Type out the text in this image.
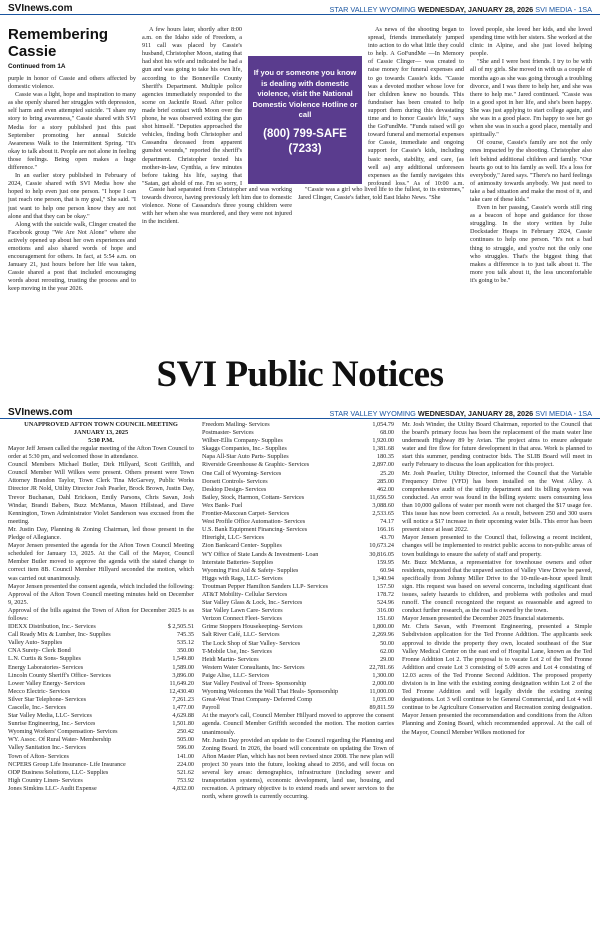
SVInews.com	STAR VALLEY WYOMING WEDNESDAY, JANUARY 28, 2026 SVI MEDIA - 1SA
Remembering Cassie
Continued from 1A

purple in honor of Cassie and others affected by domestic violence.

Cassie was a light, hope and inspiration to many as she openly shared her struggles with depression, self harm and even attempted suicide. "I share my story to bring awareness," Cassie shared with SVI Media for a story published just this past September promoting her annual Suicide Awareness Walk to the Intermittent Spring. "It's okay to talk about it. People are not alone in feeling those feelings. Being open makes a huge difference."

In an earlier story published in February of 2024, Cassie shared with SVI Media how she hoped to help even just one person. "I hope I can just reach one person, that is my goal," She said. "I just want to help one person know they are not alone and that they can be okay."

Along with the suicide walk, Clinger created the Facebook group "We Are Not Alone" where she actively opened up about her own experiences and emotions and also shared words of hope and encouragement for others. In fact, at 5:54 a.m. on January 21, just hours before her life was taken, Cassie shared a post that included encouraging words about rerouting, trusting the process and to keep moving in the year 2026.

A few hours later, shortly after 8:00 a.m. on the Idaho side of Freedom, a 911 call was placed by Cassie's husband, Christopher Moon, stating that had shot his wife and indicated he had a gun and was going to take his own life, according to the Bonneville County Sheriff's Department. Multiple police agencies immediately responded to the scene on Jacknife Road. After police made brief contact with Moon over the phone, he was observed exiting the gun shot himself. "Deputies approached the vehicles, finding both Christopher and Cassandra deceased from apparent gunshot wounds," reported the sheriff's department. Christopher texted his mother-in-law, Cynthia, a few minutes before taking his life, saying that "Satan, get ahold of me. I'm so sorry, I

Cassie had separated from Christopher and was working towards divorce, having previously left him due to domestic violence. None of Cassandra's three young children were with her when she was murdered, and they were not injured in the incident.

If you or someone you know is dealing with domestic violence, visit the National Domestic Violence Hotline or call
(800) 799-SAFE (7233)

As news of the shooting began to spread, friends immediately jumped into action to do what little they could to help. A GoFundMe —In Memory of Cassie Clinger— was created to raise money for funeral expenses and to go towards Cassie's kids. "Cassie was a devoted mother whose love for her children knew no bounds. This fundraiser has been created to help support them during this devastating time and to honor Cassie's life," says the GoFundMe. "Funds raised will go toward funeral and memorial expenses for Cassie, immediate and ongoing support for Cassie's kids, including basic needs, stability, and care, (as well as) any additional unforeseen expenses as the family navigates this profound loss." As of 10:00 a.m.

"Cassie was a girl who lived life to the fullest, to its extremes," Jared Clinger, Cassie's father, told East Idaho News. "She

loved people, she loved her kids, and she loved spending time with her sisters. She worked at the clinic in Alpine, and she just loved helping people.

"She and I were best friends. I try to be with all of my girls. She moved in with us a couple of months ago as she was going through a troubling divorce, and I was there to help her, and she was there to help me." Jared continued. "Cassie was in a good spot in her life, and she's been happy. She was just applying to start college again, and she was in a good place. I'm happy to see her go when she was in such a good place, mentally and spiritually."

Of course, Cassie's family are not the only ones impacted by the shooting. Christopher also left behind additional children and family. "Our hearts go out to his family as well. It's a loss for everybody," Jared says. "There's no hard feelings of animosity towards anybody. We just need to take a bad situation and make the most of it, and take care of these kids."

Even in her passing, Cassie's words still ring as a beacon of hope and guidance for those struggling. In the story written by Julie Dockstader Heaps in February 2024, Cassie continues to help one person. "It's not a bad thing to struggle, and you're not the only one who struggles. That's the biggest thing that makes a difference is to just talk about it. The more you talk about it, the less uncomfortable it's going to be."

SVI Public Notices
SVInews.com	STAR VALLEY WYOMING WEDNESDAY, JANUARY 28, 2026 SVI MEDIA - 1SA
UNAPPROVED AFTON TOWN COUNCIL MEETING
JANUARY 13, 2025
5:30 P.M.

Mayor Jeff Jensen called the regular meeting of the Afton Town Council to order at 5:30 pm, and welcomed those in attendance.

Council Members Michael Butler, Dirk Hillyard, Scott Griffith, and Council Member Will Wilkes were present. Others present were Town Attorney Brandon Taylor, Town Clerk Tina McGarvey, Public Works Director JR Nold, Utility Director Josh Pearler, Brock Brown, Justin Day, Trevor Buchanan, Dahl Erickson, Emily Parsons, Chris Savan, Josh Windar, Brandi Babers, Buzz McManus, Mason Hillstead, and Dave Kennington, Town Administrator Violet Sanderson was excused from the meeting.

Mr. Justin Day, Planning & Zoning Chairman, led those present in the Pledge of Allegiance.

Mayor Jensen presented the agenda for the Afton Town Council Meeting scheduled for January 13, 2025. At the Call of the Mayor, Council Member Butler moved to approve the agenda with the stated change to correct item 8B. Council Member Hillyard seconded the motion, which was carried out unanimously.

Mayor Jensen presented the consent agenda, which included the following:

Approval of the Afton Town Council meeting minutes held on December 9, 2025.

Approval of the bills against the Town of Afton for December 2025 is as follows:

IDEXX Distribution, Inc.- Services	$ 2,505.51
Call Ready Mix & Lumber, Inc- Supplies	745.35
Valley Auto- Supplies	535.12
CNA Surety- Clerk Bond	350.00
L.N. Curtis & Sons- Supplies	1,549.80
Energy Laboratories- Services	1,589.00
Lincoln County Sheriff's Office- Services	3,896.00
Lower Valley Energy- Services	11,649.20
Mecco Electric- Services	12,430.40
Silver Star Telephone- Services	7,261.23
Cascelle, Inc.- Services	1,477.00
Star Valley Media, LLC- Services	4,629.88
Sunrise Engineering, Inc.- Services	1,501.80
Wyoming Workers' Compensation- Services	250.42
WY. Assoc. Of Rural Water- Membership	505.00
Valley Sanitation Inc.- Services	596.00
Town of Afton- Services	141.00
NCPERS Group Life Insurance- Life Insurance	224.00
ODP Business Solutions, LLC- Supplies	521.62
High Country Linen- Services	753.92
Jones Simkins LLC- Audit Expense	4,832.00
Freedom Mailing- Services	1,054.79
Postmaster- Services	68.00
Wilber-Ellis Company- Supplies	1,920.00
Skaggs Companies, Inc.- Supplies	1,381.68
Napa All-Star Auto Parts- Supplies	180.35
Riverside Greenhouse & Graphic- Services	2,897.00
One Call of Wyoming- Services	25.20
Dorsett Controls- Services	285.00
Desktop Design- Services	462.00
Bailey, Stock, Harmon, Cottam- Services	11,656.50
Wex Bank- Fuel	3,088.60
Frontier-Maxcean Carpet- Services	2,533.65
West Profile Office Automation- Services	74.17
U.S. Bank Equipment Financing- Services	166.16
Hireright, LLC- Services	43.70
Zion Bankcard Center- Supplies	10,673.24
WY Office of State Lands & Investment- Loan	30,816.05
Interstate Batteries- Supplies	159.95
Wyoming First Aid & Safety- Supplies	60.94
Higgs with Rags, LLC- Services	1,340.94
Troutman Pepper Hamilton Sanders LLP- Services	157.50
AT&T Mobility- Cellular Services	178.72
Star Valley Glass & Lock, Inc.- Services	524.96
Star Valley Lawn Care- Services	316.00
Verizon Connect Fleet- Services	151.60
Grime Stoppers Housekeeping- Services	1,800.00
Salt River Café, LLC- Services	2,269.96
The Lock Shop of Star Valley- Services	50.00
T-Mobile Use, Inc- Services	62.00
Heidi Martin- Services	29.00
Western Water Consultants, Inc- Services	22,781.66
Paige Alise, LLC- Services	1,300.00
Star Valley Festival of Trees- Sponsorship	2,000.00
Wyoming Welcomes the Wall That Heals- Sponsorship	11,000.00
Great-West Trust Company- Deferred Comp	1,035.00
Payroll	89,811.59

At the mayor's call, Council Member Hillyard moved to approve the consent agenda. Council Member Griffith seconded the motion. The motion carries unanimously.

Mr. Justin Day provided an update to the Council regarding the Planning and Zoning Board. In 2026, the board will concentrate on updating the Town of Afton Master Plan, which has not been revised since 2008. The new plan will project 30 years into the future, looking ahead to 2056, and will focus on several key areas: demographics, infrastructure (including sewer and transportation systems), economic development, land use, housing, and recreation. A primary objective is to extend roads and sewer services to the north, where growth is currently occurring.

Mr. Josh Winder, the Utility Board Chairman, reported to the Council that the board's primary focus has been the replacement of the main water line underneath Highway 89 by Avian. The project aims to ensure adequate water and fire flow for future development in that area. Work is planned to start this summer, pending contractor bids. The SLIB Board will meet in early February to discuss the loan application for this project.

Mr. Josh Pearler, Utility Director, informed the Council that the Variable Frequency Drive (VFD) has been installed on the West Alley. A comprehensive audit of the utility department and its billing system was conducted. An error was found in the billing system: users consuming less than 10,000 gallons of water per month were not charged the $17 usage fee. This issue has now been corrected. As a result, between 250 and 300 users will notice a $17 increase in their upcoming water bills. This error has been present since at least 2022.

Mayor Jensen presented to the Council that, following a recent incident, changes will be implemented to restrict public access to non-public areas of town buildings to ensure the safety of staff and property.

Mr. Buzz McManus, a representative for townhouse owners and other residents, requested that the unpaved section of Valley View Drive be paved, specifically from Johnny Miller Drive to the 10-mile-an-hour speed limit sign. His request was based on several concerns, including significant dust issues, safety hazards to children, and problems with potholes and mud runoff. The council recognized the request as reasonable and agreed to conduct further research, as the road is owned by the town.

Mayor Jensen presented the December 2025 financial statements.

Mr. Chris Savan, with Freemont Engineering, presented a Simple Subdivision application for the Ted Fronne Addition. The applicants seek approval to divide the property they own, located southeast of the Star Valley Medical Center on the east end of Hospital Lane, known as the Ted Fronne Addition Lot 2. The proposal is to vacate Lot 2 of the Ted Fronne Addition and create Lot 3 consisting of 5.09 acres and Lot 4 consisting of 12.03 acres of the Ted Fronne Second Addition. The proposed property division is in line with the existing zoning designation within Lot 2 of the Ted Fronne Addition and will legally divide the existing zoning designations. Lot 3 will continue to be General Commercial, and Lot 4 will continue to be Agriculture Conservation and Recreation zoning designation. Mayor Jensen presented the recommendation and conditions from the Afton Planning and Zoning Board, which recommended approval. At the call of the Mayor, Council Member Wilkes motioned for
